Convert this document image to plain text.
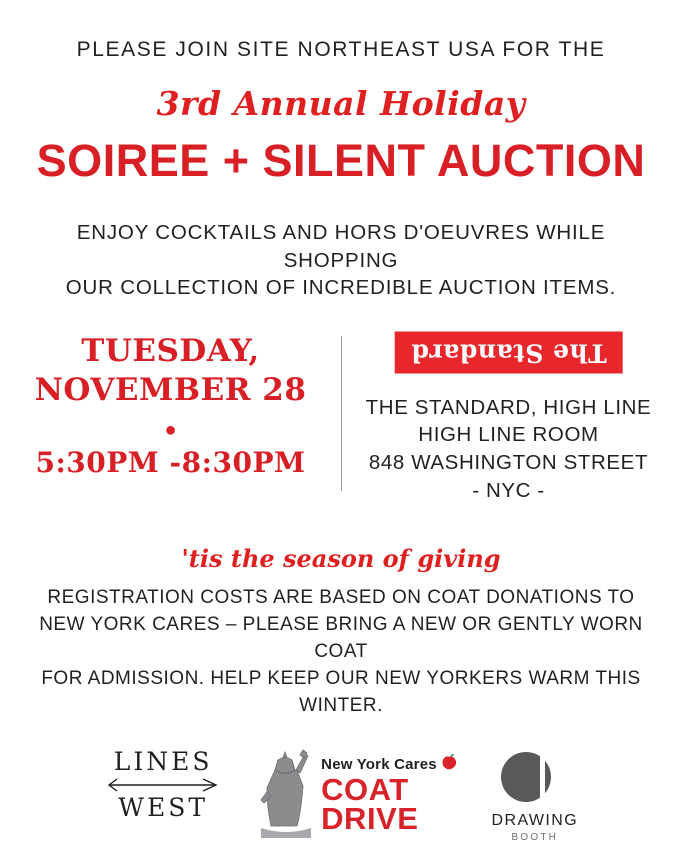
PLEASE JOIN SITE NORTHEAST USA FOR THE
3rd Annual Holiday
SOIREE + SILENT AUCTION
ENJOY COCKTAILS AND HORS D'OEUVRES WHILE SHOPPING
OUR COLLECTION OF INCREDIBLE AUCTION ITEMS.
TUESDAY,
NOVEMBER 28
●
5:30PM -8:30PM
The Standard
THE STANDARD, HIGH LINE
HIGH LINE ROOM
848 WASHINGTON STREET
- NYC -
'tis the season of giving
REGISTRATION COSTS ARE BASED ON COAT DONATIONS TO
NEW YORK CARES – PLEASE BRING A NEW OR GENTLY WORN COAT
FOR ADMISSION. HELP KEEP OUR NEW YORKERS WARM THIS WINTER.
LINES
WEST
New York Cares
COAT
DRIVE	DRAWING
BOOTH
